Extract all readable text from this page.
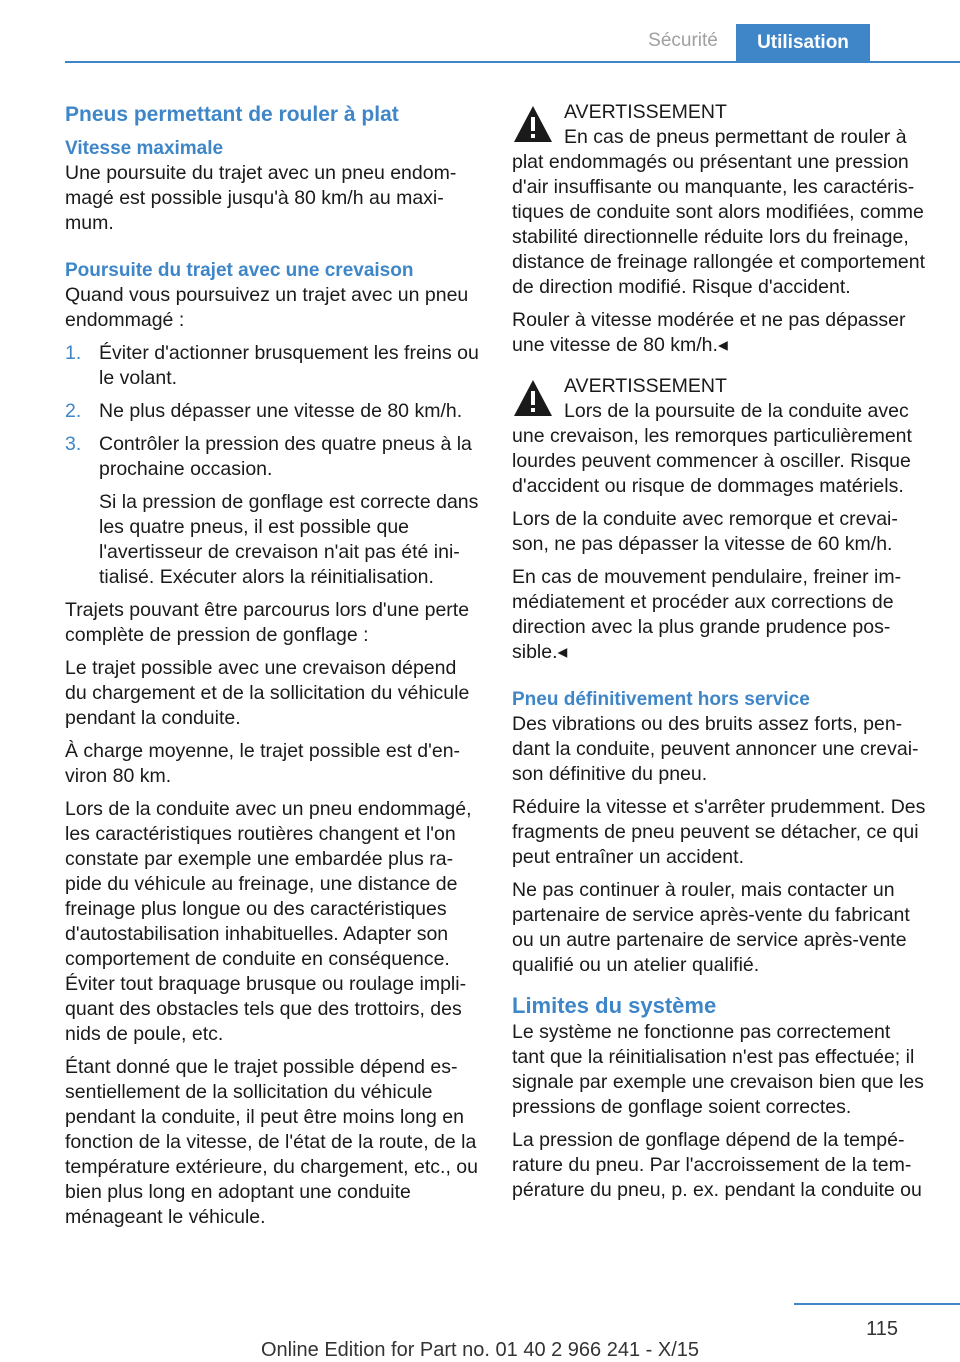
Sécurité	Utilisation
Pneus permettant de rouler à plat
Vitesse maximale

Une poursuite du trajet avec un pneu endom‐magé est possible jusqu'à 80 km/h au maxi‐mum.

Poursuite du trajet avec une crevaison

Quand vous poursuivez un trajet avec un pneu endommagé :

1. Éviter d'actionner brusquement les freins ou le volant.
2. Ne plus dépasser une vitesse de 80 km/h.
3. Contrôler la pression des quatre pneus à la prochaine occasion.

Si la pression de gonflage est correcte dans les quatre pneus, il est possible que l'avertisseur de crevaison n'ait pas été ini‐tialisé. Exécuter alors la réinitialisation.

Trajets pouvant être parcourus lors d'une perte complète de pression de gonflage :

Le trajet possible avec une crevaison dépend du chargement et de la sollicitation du véhicule pendant la conduite.

À charge moyenne, le trajet possible est d'en‐viron 80 km.

Lors de la conduite avec un pneu endommagé, les caractéristiques routières changent et l'on constate par exemple une embardée plus ra‐pide du véhicule au freinage, une distance de freinage plus longue ou des caractéristiques d'autostabilisation inhabituelles. Adapter son comportement de conduite en conséquence. Éviter tout braquage brusque ou roulage impli‐quant des obstacles tels que des trottoirs, des nids de poule, etc.

Étant donné que le trajet possible dépend es‐sentiellement de la sollicitation du véhicule pendant la conduite, il peut être moins long en fonction de la vitesse, de l'état de la route, de la température extérieure, du chargement, etc., ou bien plus long en adoptant une conduite ménageant le véhicule.

AVERTISSEMENT

En cas de pneus permettant de rouler à plat endommagés ou présentant une pression d'air insuffisante ou manquante, les caractéris‐tiques de conduite sont alors modifiées, comme stabilité directionnelle réduite lors du freinage, distance de freinage rallongée et comportement de direction modifié. Risque d'accident.

Rouler à vitesse modérée et ne pas dépasser une vitesse de 80 km/h.◂

AVERTISSEMENT

Lors de la poursuite de la conduite avec une crevaison, les remorques particulièrement lourdes peuvent commencer à osciller. Risque d'accident ou risque de dommages matériels.

Lors de la conduite avec remorque et crevai‐son, ne pas dépasser la vitesse de 60 km/h.

En cas de mouvement pendulaire, freiner im‐médiatement et procéder aux corrections de direction avec la plus grande prudence pos‐sible.◂

Pneu définitivement hors service

Des vibrations ou des bruits assez forts, pen‐dant la conduite, peuvent annoncer une crevai‐son définitive du pneu.

Réduire la vitesse et s'arrêter prudemment. Des fragments de pneu peuvent se détacher, ce qui peut entraîner un accident.

Ne pas continuer à rouler, mais contacter un partenaire de service après-vente du fabricant ou un autre partenaire de service après-vente qualifié ou un atelier qualifié.

Limites du système

Le système ne fonctionne pas correctement tant que la réinitialisation n'est pas effectuée; il signale par exemple une crevaison bien que les pressions de gonflage soient correctes.

La pression de gonflage dépend de la tempé‐rature du pneu. Par l'accroissement de la tem‐pérature du pneu, p. ex. pendant la conduite ou

115
Online Edition for Part no. 01 40 2 966 241 - X/15
